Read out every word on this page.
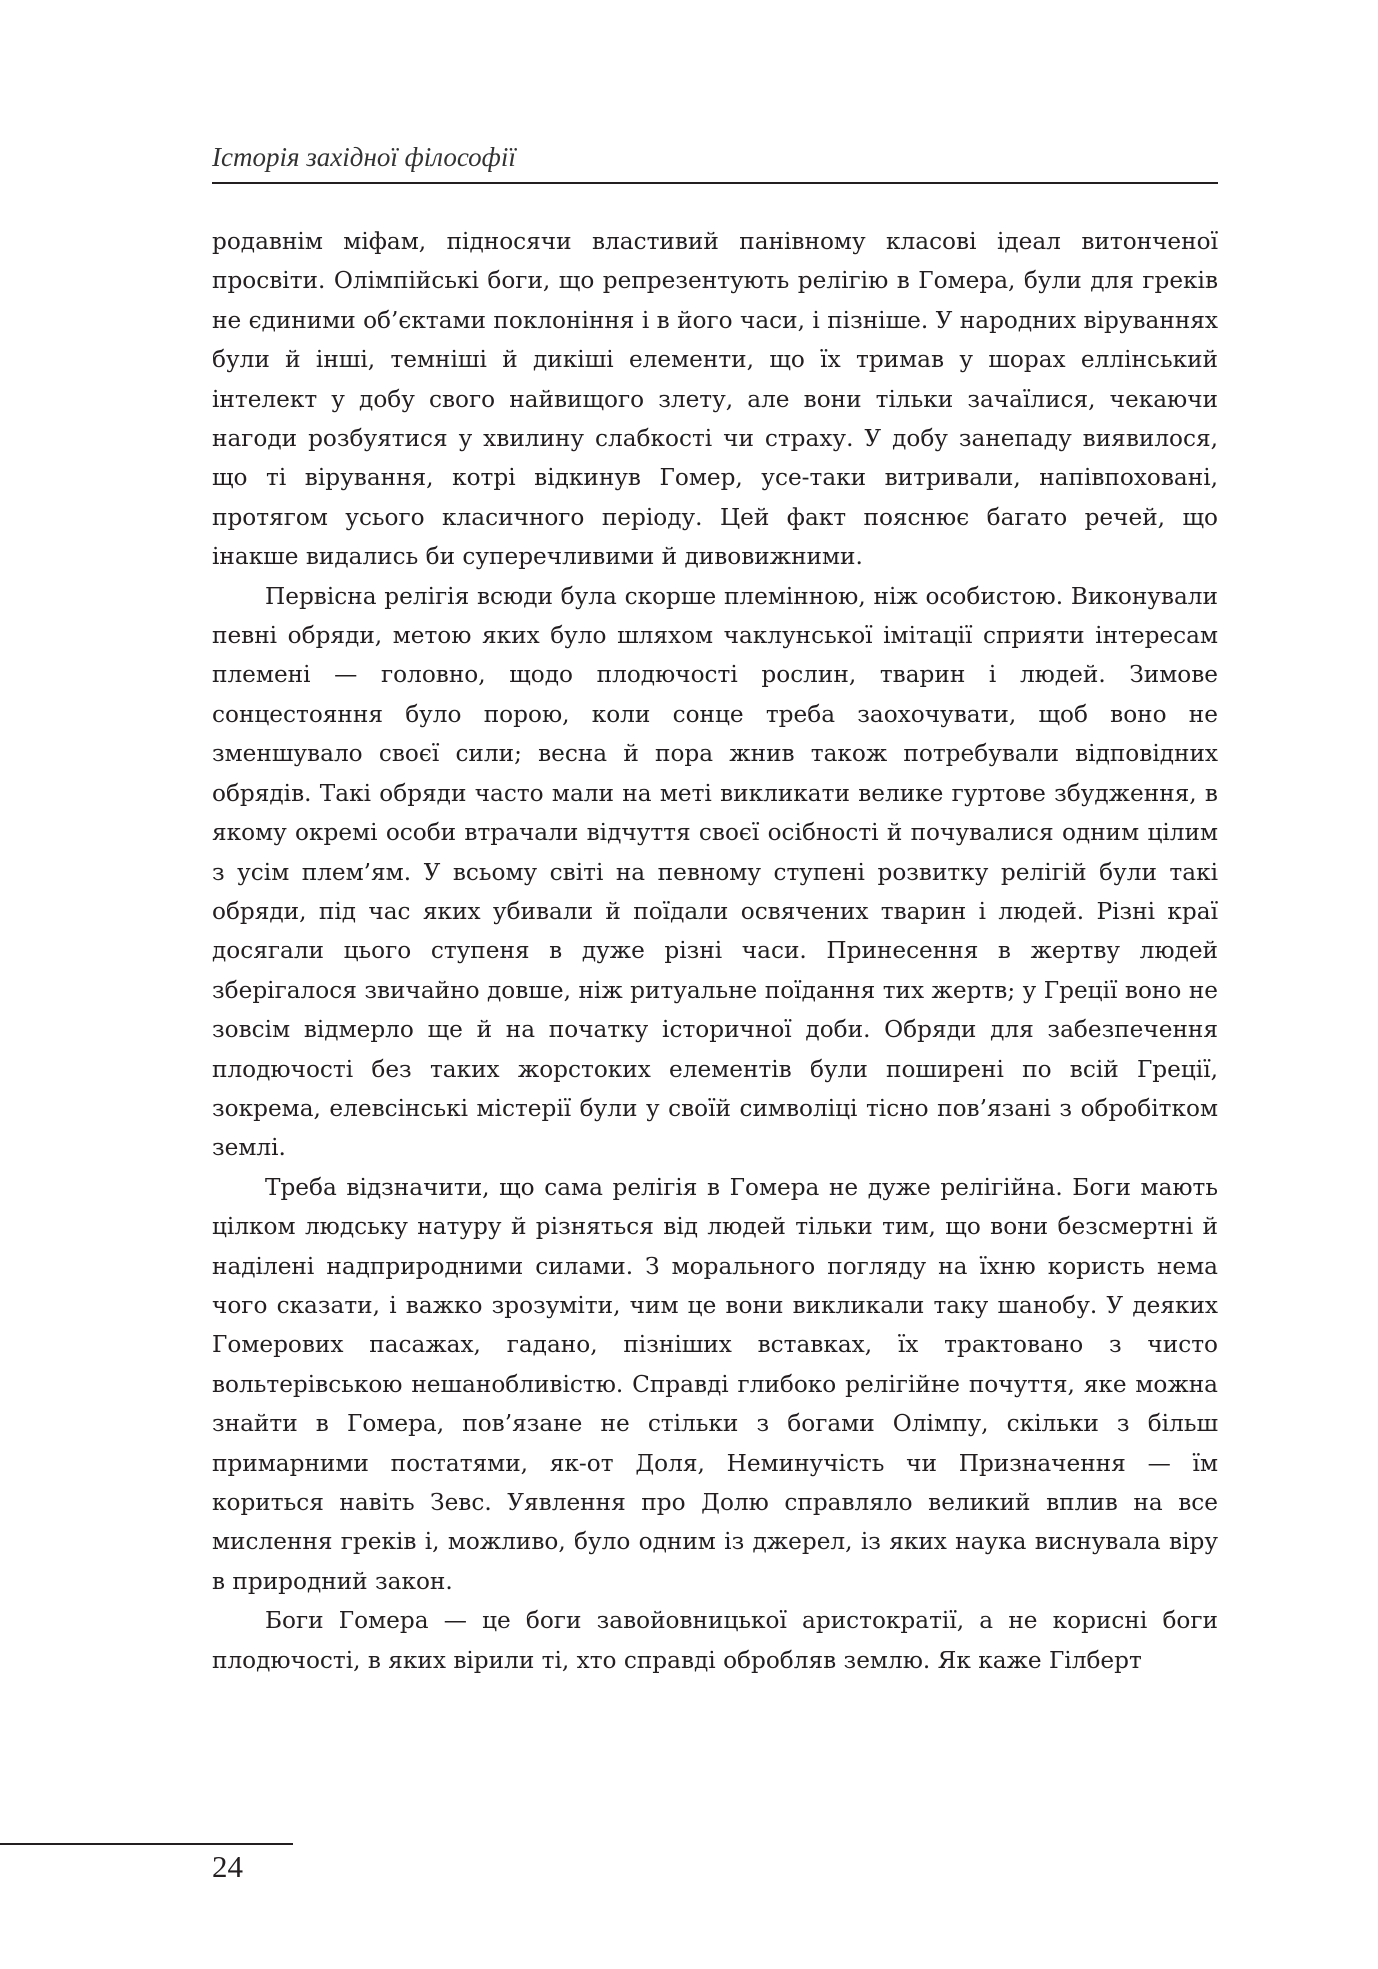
Історія західної філософії

родавнім міфам, підносячи властивий панівному класові ідеал витонченої просвіти. Олімпійські боги, що репрезентують релігію в Гомера, були для греків не єдиними об’єктами поклоніння і в його часи, і пізніше. У народних віруваннях були й інші, темніші й дикіші елементи, що їх тримав у шорах еллінський інтелект у добу свого найвищого злету, але вони тільки зачаїлися, чекаючи нагоди розбуятися у хвилину слабкості чи страху. У добу занепаду виявилося, що ті вірування, котрі відкинув Гомер, усе-таки витривали, напівпоховані, протягом усього класичного періоду. Цей факт пояснює багато речей, що інакше видались би суперечливими й дивовижними.

Первісна релігія всюди була скорше племінною, ніж особистою. Виконували певні обряди, метою яких було шляхом чаклунської імітації сприяти інтересам племені — головно, щодо плодючості рослин, тварин і людей. Зимове сонцестояння було порою, коли сонце треба заохочувати, щоб воно не зменшувало своєї сили; весна й пора жнив також потребували відповідних обрядів. Такі обряди часто мали на меті викликати велике гуртове збудження, в якому окремі особи втрачали відчуття своєї осібності й почувалися одним цілим з усім плем’ям. У всьому світі на певному ступені розвитку релігій були такі обряди, під час яких убивали й поїдали освячених тварин і людей. Різні краї досягали цього ступеня в дуже різні часи. Принесення в жертву людей зберігалося звичайно довше, ніж ритуальне поїдання тих жертв; у Греції воно не зовсім відмерло ще й на початку історичної доби. Обряди для забезпечення плодючості без таких жорстоких елементів були поширені по всій Греції, зокрема, елевсінські містерії були у своїй символіці тісно пов’язані з обробітком землі.

Треба відзначити, що сама релігія в Гомера не дуже релігійна. Боги мають цілком людську натуру й різняться від людей тільки тим, що вони безсмертні й наділені надприродними силами. З морального погляду на їхню користь нема чого сказати, і важко зрозуміти, чим це вони викликали таку шанобу. У деяких Гомерових пасажах, гадано, пізніших вставках, їх трактовано з чисто вольтерівською нешанобливістю. Справді глибоко релігійне почуття, яке можна знайти в Гомера, пов’язане не стільки з богами Олімпу, скільки з більш примарними постатями, як-от Доля, Неминучість чи Призначення — їм кориться навіть Зевс. Уявлення про Долю справляло великий вплив на все мислення греків і, можливо, було одним із джерел, із яких наука виснувала віру в природний закон.

Боги Гомера — це боги завойовницької аристократії, а не корисні боги плодючості, в яких вірили ті, хто справді обробляв землю. Як каже Гілберт

24
